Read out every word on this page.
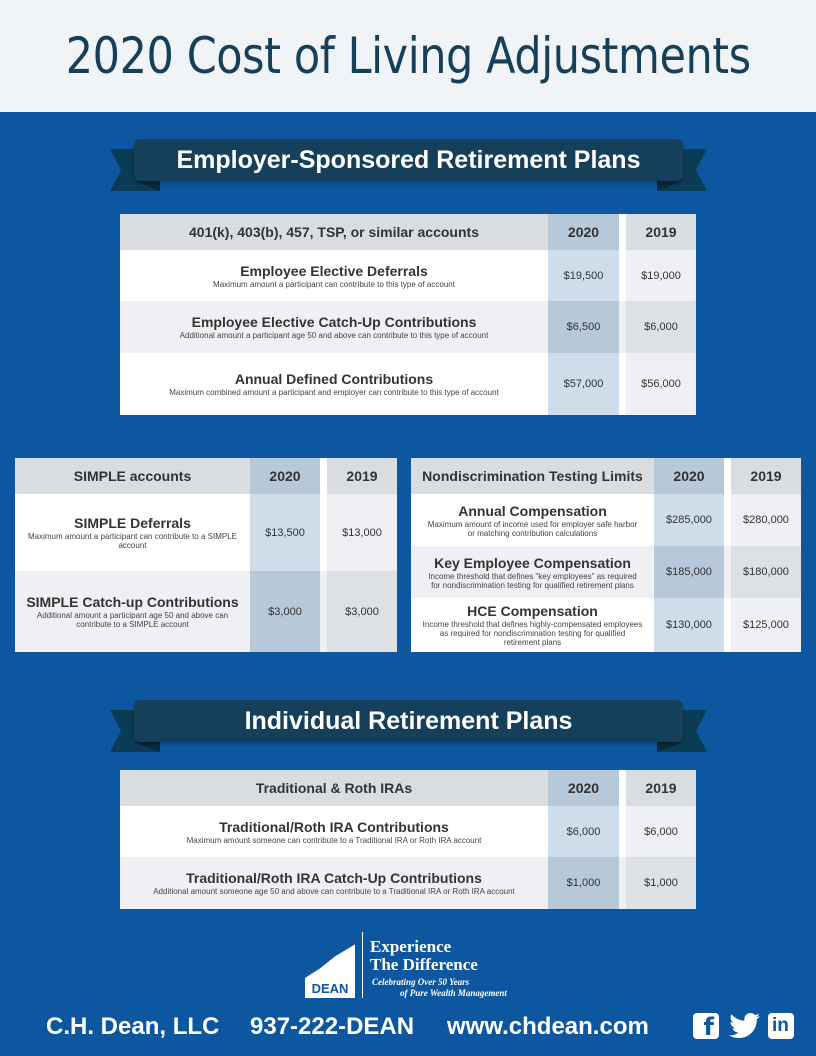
2020 Cost of Living Adjustments
Employer-Sponsored Retirement Plans
401(k), 403(b), 457, TSP, or similar accounts	2020	2019
Employee Elective Deferrals
Maximum amount a participant can contribute to this type of account
$19,500	$19,000
Employee Elective Catch-Up Contributions
Additional amount a participant age 50 and above can contribute to this type of account
$6,500	$6,000
Annual Defined Contributions
Maximum combined amount a participant and employer can contribute to this type of account
$57,000	$56,000
SIMPLE accounts	2020	2019
SIMPLE Deferrals
Maximum amount a participant can contribute to a SIMPLE account
$13,500	$13,000
SIMPLE Catch-up Contributions
Additional amount a participant age 50 and above can contribute to a SIMPLE account
$3,000	$3,000
Nondiscrimination Testing Limits	2020	2019
Annual Compensation
Maximum amount of income used for employer safe harbor or matching contribution calculations
$285,000	$280,000
Key Employee Compensation
Income threshold that defines "key employees" as required for nondiscrimination testing for qualified retirement plans
$185,000	$180,000
HCE Compensation
Income threshold that defines highly-compensated employees as required for nondiscrimination testing for qualified retirement plans
$130,000	$125,000
Individual Retirement Plans
Traditional & Roth IRAs	2020	2019
Traditional/Roth IRA Contributions
Maximum amount someone can contribute to a Traditional IRA or Roth IRA account
$6,000	$6,000
Traditional/Roth IRA Catch-Up Contributions
Additional amount someone age 50 and above can contribute to a Traditional IRA or Roth IRA account
$1,000	$1,000
DEAN
Experience
The Difference
Celebrating Over 50 Years
of Pure Wealth Management
C.H. Dean, LLC 937-222-DEAN www.chdean.com f	in
